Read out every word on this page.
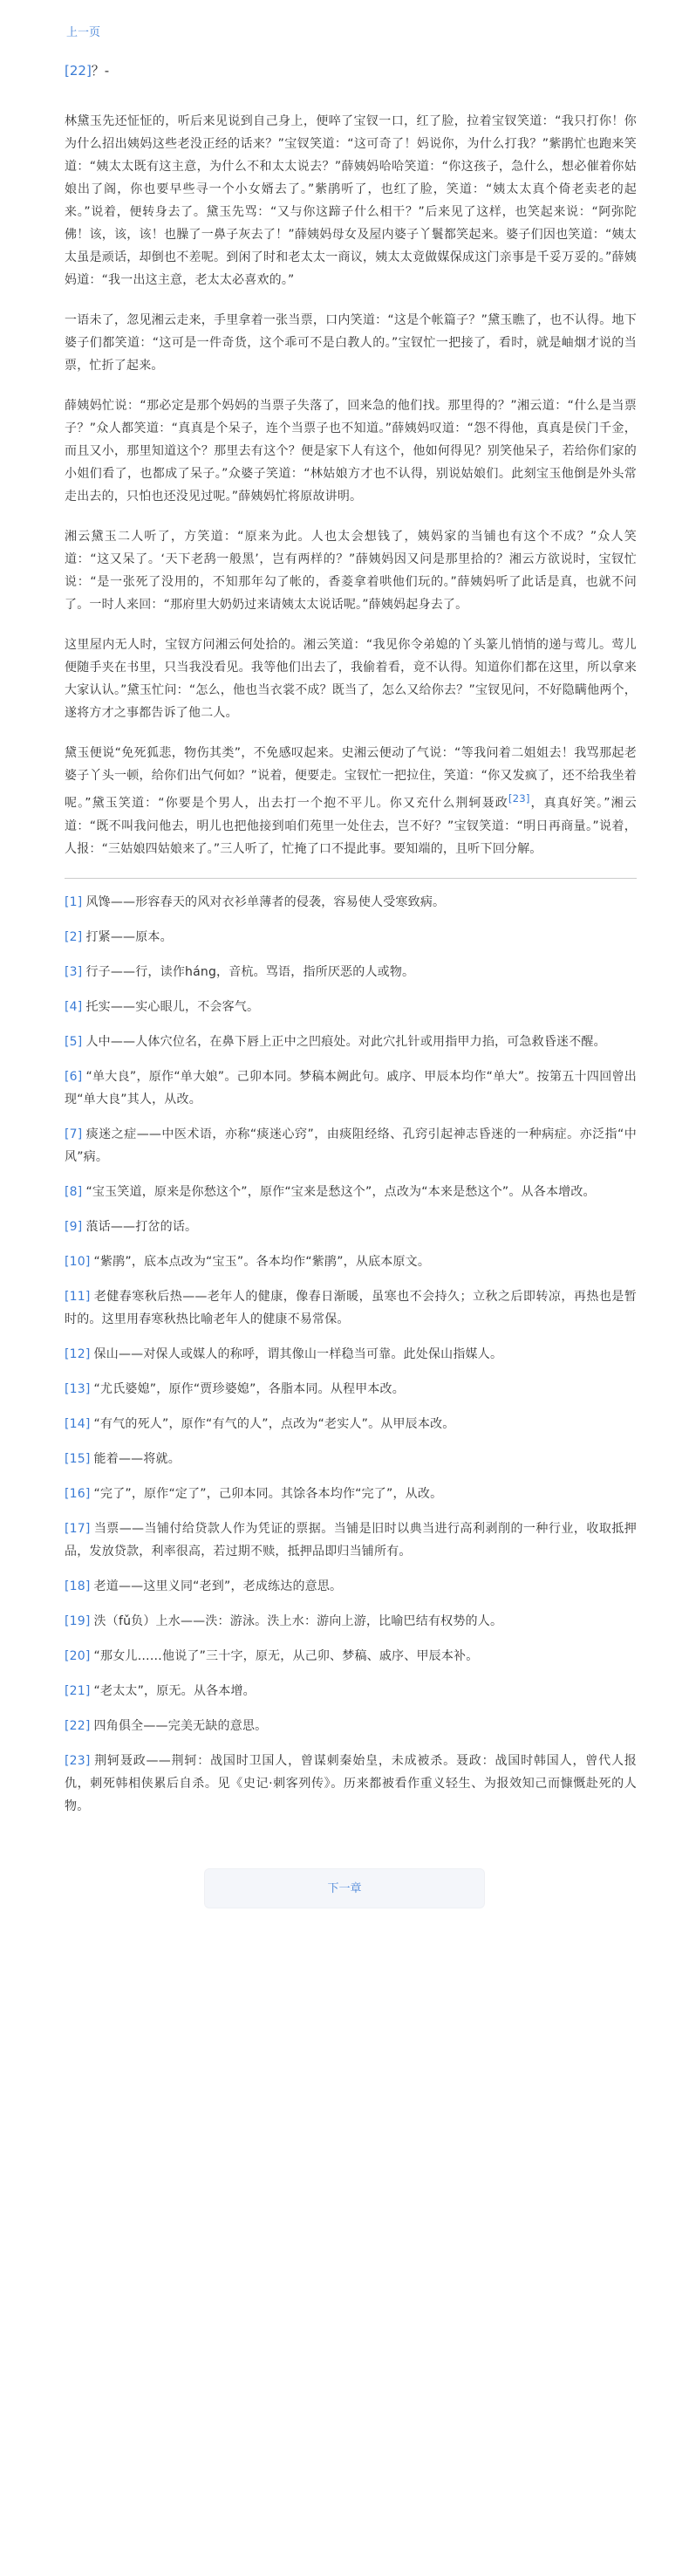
上一页
[22]？-

林黛玉先还怔怔的，听后来见说到自己身上，便啐了宝钗一口，红了脸，拉着宝钗笑道：“我只打你！你为什么招出姨妈这些老没正经的话来？”宝钗笑道：“这可奇了！妈说你，为什么打我？”紫鹃忙也跑来笑道：“姨太太既有这主意，为什么不和太太说去？”薛姨妈哈哈笑道：“你这孩子，急什么，想必催着你姑娘出了阁，你也要早些寻一个小女婿去了。”紫鹃听了，也红了脸，笑道：“姨太太真个倚老卖老的起来。”说着，便转身去了。黛玉先骂：“又与你这蹄子什么相干？”后来见了这样，也笑起来说：“阿弥陀佛！该，该，该！也臊了一鼻子灰去了！”薛姨妈母女及屋内婆子丫鬟都笑起来。婆子们因也笑道：“姨太太虽是顽话，却倒也不差呢。到闲了时和老太太一商议，姨太太竟做媒保成这门亲事是千妥万妥的。”薛姨妈道：“我一出这主意，老太太必喜欢的。”

一语未了，忽见湘云走来，手里拿着一张当票，口内笑道：“这是个帐篇子？”黛玉瞧了，也不认得。地下婆子们都笑道：“这可是一件奇货，这个乖可不是白教人的。”宝钗忙一把接了，看时，就是岫烟才说的当票，忙折了起来。

薛姨妈忙说：“那必定是那个妈妈的当票子失落了，回来急的他们找。那里得的？”湘云道：“什么是当票子？”众人都笑道：“真真是个呆子，连个当票子也不知道。”薛姨妈叹道：“怨不得他，真真是侯门千金，而且又小，那里知道这个？那里去有这个？便是家下人有这个，他如何得见？别笑他呆子，若给你们家的小姐们看了，也都成了呆子。”众婆子笑道：“林姑娘方才也不认得，别说姑娘们。此刻宝玉他倒是外头常走出去的，只怕也还没见过呢。”薛姨妈忙将原故讲明。

湘云黛玉二人听了，方笑道：“原来为此。人也太会想钱了，姨妈家的当铺也有这个不成？”众人笑道：“这又呆了。‘天下老鸹一般黑’，岂有两样的？”薛姨妈因又问是那里拾的？湘云方欲说时，宝钗忙说：“是一张死了没用的，不知那年勾了帐的，香菱拿着哄他们玩的。”薛姨妈听了此话是真，也就不问了。一时人来回：“那府里大奶奶过来请姨太太说话呢。”薛姨妈起身去了。

这里屋内无人时，宝钗方问湘云何处拾的。湘云笑道：“我见你令弟媳的丫头篆儿悄悄的递与莺儿。莺儿便随手夹在书里，只当我没看见。我等他们出去了，我偷着看，竟不认得。知道你们都在这里，所以拿来大家认认。”黛玉忙问：“怎么，他也当衣裳不成？既当了，怎么又给你去？”宝钗见问，不好隐瞒他两个，遂将方才之事都告诉了他二人。

黛玉便说“免死狐悲，物伤其类”，不免感叹起来。史湘云便动了气说：“等我问着二姐姐去！我骂那起老婆子丫头一顿，给你们出气何如？”说着，便要走。宝钗忙一把拉住，笑道：“你又发疯了，还不给我坐着呢。”黛玉笑道：“你要是个男人，出去打一个抱不平儿。你又充什么荆轲聂政[23]，真真好笑。”湘云道：“既不叫我问他去，明儿也把他接到咱们苑里一处住去，岂不好？”宝钗笑道：“明日再商量。”说着，人报：“三姑娘四姑娘来了。”三人听了，忙掩了口不提此事。要知端的，且听下回分解。

[1] 风馋——形容春天的风对衣衫单薄者的侵袭，容易使人受寒致病。

[2] 打紧——原本。

[3] 行子——行，读作háng，音杭。骂语，指所厌恶的人或物。

[4] 托实——实心眼儿，不会客气。

[5] 人中——人体穴位名，在鼻下唇上正中之凹痕处。对此穴扎针或用指甲力掐，可急救昏迷不醒。

[6] “单大良”，原作“单大娘”。己卯本同。梦稿本阙此句。戚序、甲辰本均作“单大”。按第五十四回曾出现“单大良”其人，从改。

[7] 痰迷之症——中医术语，亦称“痰迷心窍”，由痰阻经络、孔窍引起神志昏迷的一种病症。亦泛指“中风”病。

[8] “宝玉笑道，原来是你愁这个”，原作“宝来是愁这个”，点改为“本来是愁这个”。从各本增改。

[9] 蒗话——打岔的话。

[10] “紫鹃”，底本点改为“宝玉”。各本均作“紫鹃”，从底本原文。

[11] 老健春寒秋后热——老年人的健康，像春日渐暖，虽寒也不会持久；立秋之后即转凉，再热也是暂时的。这里用春寒秋热比喻老年人的健康不易常保。

[12] 保山——对保人或媒人的称呼，谓其像山一样稳当可靠。此处保山指媒人。

[13] “尤氏婆媳”，原作“贾珍婆媳”，各脂本同。从程甲本改。

[14] “有气的死人”，原作“有气的人”，点改为“老实人”。从甲辰本改。

[15] 能着——将就。

[16] “完了”，原作“定了”，己卯本同。其馀各本均作“完了”，从改。

[17] 当票——当铺付给贷款人作为凭证的票据。当铺是旧时以典当进行高利剥削的一种行业，收取抵押品，发放贷款，利率很高，若过期不赎，抵押品即归当铺所有。

[18] 老道——这里义同“老到”，老成练达的意思。

[19] 泆（fǔ负）上水——泆：游泳。泆上水：游向上游，比喻巴结有权势的人。

[20] “那女儿……他说了”三十字，原无，从己卯、梦稿、戚序、甲辰本补。

[21] “老太太”，原无。从各本增。

[22] 四角俱全——完美无缺的意思。

[23] 荆轲聂政——荆轲：战国时卫国人，曾谋刺秦始皇，未成被杀。聂政：战国时韩国人，曾代人报仇，刺死韩相侠累后自杀。见《史记·刺客列传》。历来都被看作重义轻生、为报效知己而慷慨赴死的人物。

下一章
